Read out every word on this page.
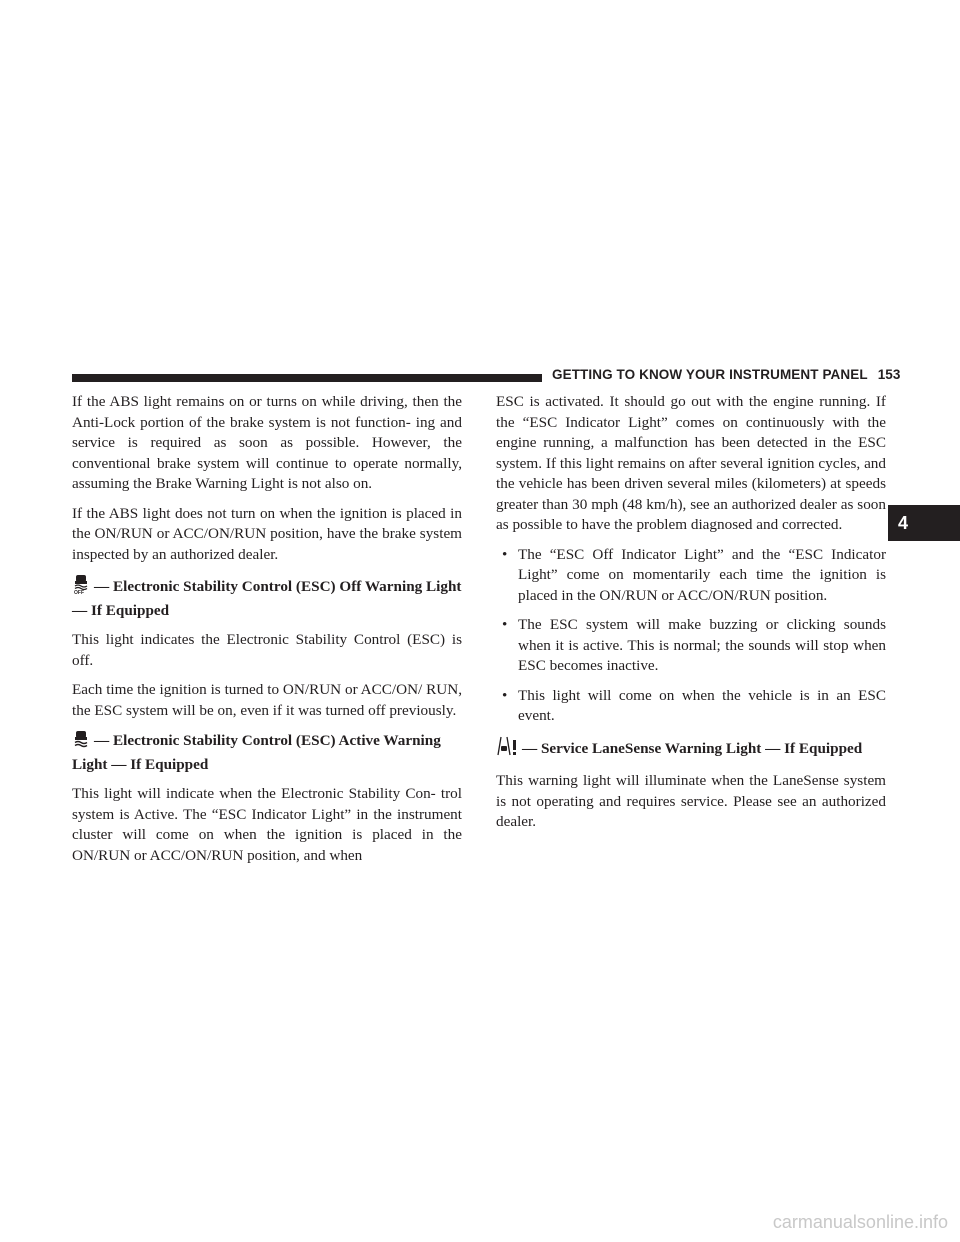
GETTING TO KNOW YOUR INSTRUMENT PANEL 153
4

If the ABS light remains on or turns on while driving, then the Anti-Lock portion of the brake system is not function- ing and service is required as soon as possible. However, the conventional brake system will continue to operate normally, assuming the Brake Warning Light is not also on.

If the ABS light does not turn on when the ignition is placed in the ON/RUN or ACC/ON/RUN position, have the brake system inspected by an authorized dealer.

OFF — Electronic Stability Control (ESC) Off Warning Light — If Equipped

This light indicates the Electronic Stability Control (ESC) is off.

Each time the ignition is turned to ON/RUN or ACC/ON/ RUN, the ESC system will be on, even if it was turned off previously.

— Electronic Stability Control (ESC) Active Warning Light — If Equipped

This light will indicate when the Electronic Stability Con- trol system is Active. The “ESC Indicator Light” in the instrument cluster will come on when the ignition is placed in the ON/RUN or ACC/ON/RUN position, and when

ESC is activated. It should go out with the engine running. If the “ESC Indicator Light” comes on continuously with the engine running, a malfunction has been detected in the ESC system. If this light remains on after several ignition cycles, and the vehicle has been driven several miles (kilometers) at speeds greater than 30 mph (48 km/h), see an authorized dealer as soon as possible to have the problem diagnosed and corrected.

• The “ESC Off Indicator Light” and the “ESC Indicator Light” come on momentarily each time the ignition is placed in the ON/RUN or ACC/ON/RUN position.
• The ESC system will make buzzing or clicking sounds when it is active. This is normal; the sounds will stop when ESC becomes inactive.
• This light will come on when the vehicle is in an ESC event.
— Service LaneSense Warning Light — If Equipped

This warning light will illuminate when the LaneSense system is not operating and requires service. Please see an authorized dealer.

carmanualsonline.info
